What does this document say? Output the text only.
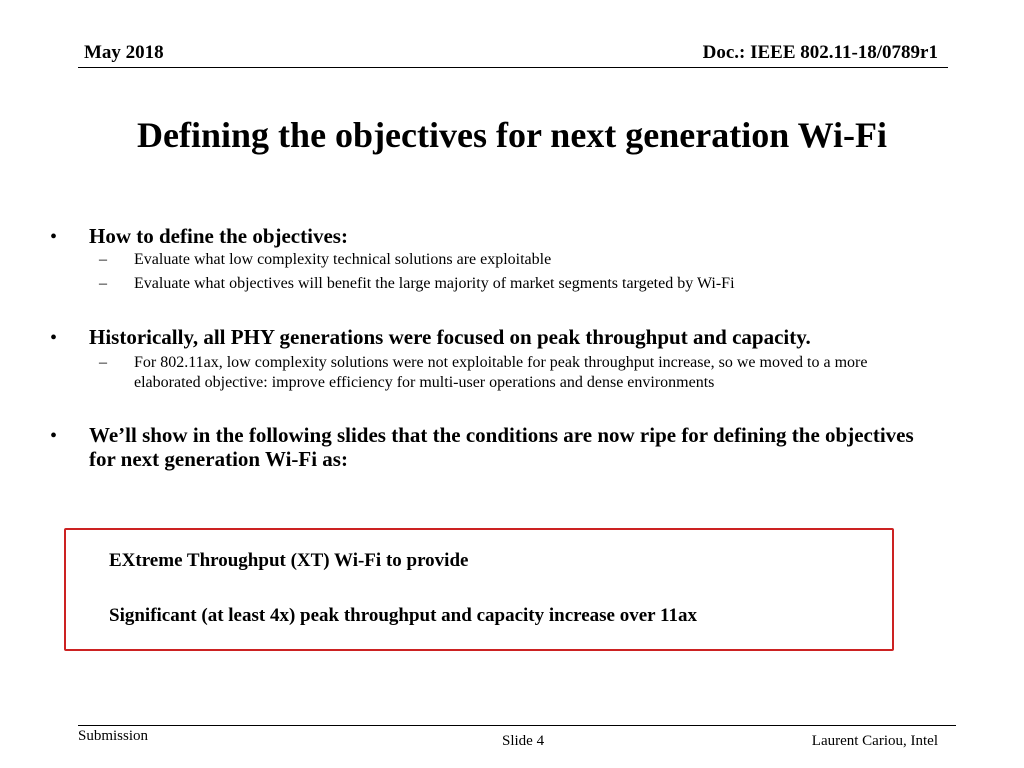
May 2018	Doc.: IEEE 802.11-18/0789r1
Defining the objectives for next generation Wi-Fi
•	How to define the objectives:
–	Evaluate what low complexity technical solutions are exploitable
–	Evaluate what objectives will benefit the large majority of market segments targeted by Wi-Fi
•	Historically, all PHY generations were focused on peak throughput and capacity.
–	For 802.11ax, low complexity solutions were not exploitable for peak throughput increase, so we moved to a more elaborated objective: improve efficiency for multi-user operations and dense environments
•	We’ll show in the following slides that the conditions are now ripe for defining the objectives for next generation Wi-Fi as:
EXtreme Throughput (XT) Wi-Fi to provide
Significant (at least 4x) peak throughput and capacity increase over 11ax
Submission	Slide 4	Laurent Cariou, Intel
